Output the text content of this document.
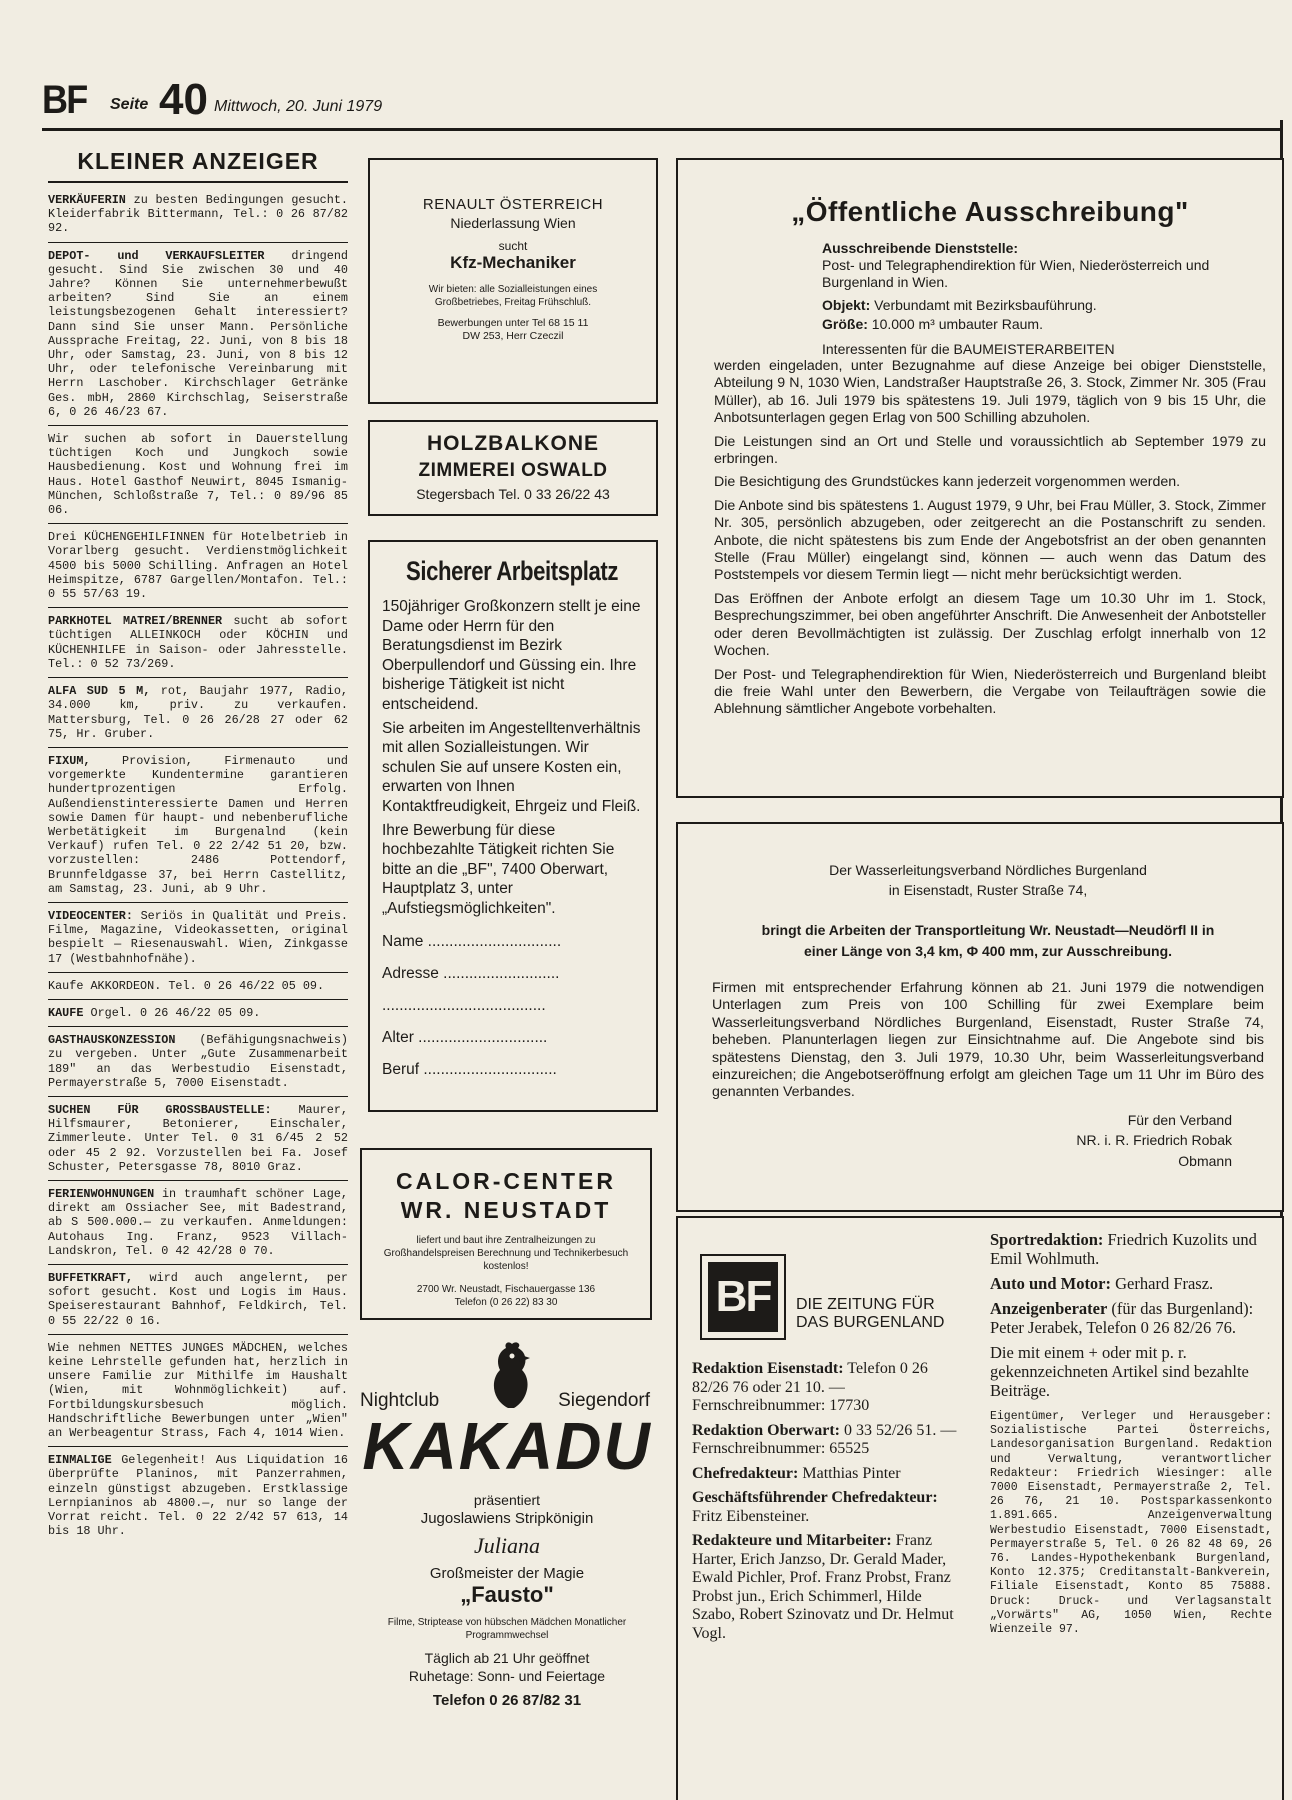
BF Seite 40 Mittwoch, 20. Juni 1979
KLEINER ANZEIGER
VERKÄUFERIN zu besten Bedingungen gesucht. Kleiderfabrik Bittermann, Tel.: 0 26 87/82 92.
DEPOT- und VERKAUFSLEITER dringend gesucht. Sind Sie zwischen 30 und 40 Jahre? Können Sie unternehmerbewußt arbeiten? Sind Sie an einem leistungsbezogenen Gehalt interessiert? Dann sind Sie unser Mann. Persönliche Aussprache Freitag, 22. Juni, von 8 bis 18 Uhr, oder Samstag, 23. Juni, von 8 bis 12 Uhr, oder telefonische Vereinbarung mit Herrn Laschober. Kirchschlager Getränke Ges. mbH, 2860 Kirchschlag, Seiserstraße 6, 0 26 46/23 67.
Wir suchen ab sofort in Dauerstellung tüchtigen Koch und Jungkoch sowie Hausbedienung. Kost und Wohnung frei im Haus. Hotel Gasthof Neuwirt, 8045 Ismanig-München, Schloßstraße 7, Tel.: 0 89/96 85 06.
Drei KÜCHENGEHILFINNEN für Hotelbetrieb in Vorarlberg gesucht. Verdienstmöglichkeit 4500 bis 5000 Schilling. Anfragen an Hotel Heimspitze, 6787 Gargellen/Montafon. Tel.: 0 55 57/63 19.
PARKHOTEL MATREI/BRENNER sucht ab sofort tüchtigen ALLEINKOCH oder KÖCHIN und KÜCHENHILFE in Saison- oder Jahresstelle. Tel.: 0 52 73/269.
ALFA SUD 5 M, rot, Baujahr 1977, Radio, 34.000 km, priv. zu verkaufen. Mattersburg, Tel. 0 26 26/28 27 oder 62 75, Hr. Gruber.
FIXUM, Provision, Firmenauto und vorgemerkte Kundentermine garantieren hundertprozentigen Erfolg. Außendienstinteressierte Damen und Herren sowie Damen für haupt- und nebenberufliche Werbetätigkeit im Burgenalnd (kein Verkauf) rufen Tel. 0 22 2/42 51 20, bzw. vorzustellen: 2486 Pottendorf, Brunnfeldgasse 37, bei Herrn Castellitz, am Samstag, 23. Juni, ab 9 Uhr.
VIDEOCENTER: Seriös in Qualität und Preis. Filme, Magazine, Videokassetten, original bespielt — Riesenauswahl. Wien, Zinkgasse 17 (Westbahnhofnähe).
Kaufe AKKORDEON. Tel. 0 26 46/22 05 09.
KAUFE Orgel. 0 26 46/22 05 09.
GASTHAUSKONZESSION (Befähigungsnachweis) zu vergeben. Unter „Gute Zusammenarbeit 189" an das Werbestudio Eisenstadt, Permayerstraße 5, 7000 Eisenstadt.
SUCHEN FÜR GROSSBAUSTELLE: Maurer, Hilfsmaurer, Betonierer, Einschaler, Zimmerleute. Unter Tel. 0 31 6/45 2 52 oder 45 2 92. Vorzustellen bei Fa. Josef Schuster, Petersgasse 78, 8010 Graz.
FERIENWOHNUNGEN in traumhaft schöner Lage, direkt am Ossiacher See, mit Badestrand, ab S 500.000.— zu verkaufen. Anmeldungen: Autohaus Ing. Franz, 9523 Villach-Landskron, Tel. 0 42 42/28 0 70.
BUFFETKRAFT, wird auch angelernt, per sofort gesucht. Kost und Logis im Haus. Speiserestaurant Bahnhof, Feldkirch, Tel. 0 55 22/22 0 16.
Wie nehmen NETTES JUNGES MÄDCHEN, welches keine Lehrstelle gefunden hat, herzlich in unsere Familie zur Mithilfe im Haushalt (Wien, mit Wohnmöglichkeit) auf. Fortbildungskursbesuch möglich. Handschriftliche Bewerbungen unter „Wien" an Werbeagentur Strass, Fach 4, 1014 Wien.
EINMALIGE Gelegenheit! Aus Liquidation 16 überprüfte Planinos, mit Panzerrahmen, einzeln günstigst abzugeben. Erstklassige Lernpianinos ab 4800.—, nur so lange der Vorrat reicht. Tel. 0 22 2/42 57 613, 14 bis 18 Uhr.
RENAULT ÖSTERREICH
Niederlassung Wien
sucht
Kfz-Mechaniker
Wir bieten: alle Sozialleistungen eines Großbetriebes, Freitag Frühschluß.
Bewerbungen unter Tel 68 15 11
DW 253, Herr Czeczil
HOLZBALKONE
ZIMMEREI OSWALD
Stegersbach Tel. 0 33 26/22 43
Sicherer Arbeitsplatz

150jähriger Großkonzern stellt je eine Dame oder Herrn für den Beratungsdienst im Bezirk Oberpullendorf und Güssing ein. Ihre bisherige Tätigkeit ist nicht entscheidend.

Sie arbeiten im Angestelltenverhältnis mit allen Sozialleistungen. Wir schulen Sie auf unsere Kosten ein, erwarten von Ihnen Kontaktfreudigkeit, Ehrgeiz und Fleiß.

Ihre Bewerbung für diese hochbezahlte Tätigkeit richten Sie bitte an die „BF", 7400 Oberwart, Hauptplatz 3, unter „Aufstiegsmöglichkeiten".

Name ...............................
Adresse ...........................
......................................
Alter ..............................
Beruf ...............................
CALOR-CENTER
WR. NEUSTADT
liefert und baut ihre Zentralheizungen zu Großhandelspreisen Berechnung und Technikerbesuch kostenlos!
2700 Wr. Neustadt, Fischauergasse 136
Telefon (0 26 22) 83 30
Nightclub	Siegendorf
KAKADU
präsentiert
Jugoslawiens Stripkönigin
Juliana
Großmeister der Magie
„Fausto"
Filme, Striptease von hübschen Mädchen Monatlicher Programmwechsel
Täglich ab 21 Uhr geöffnet
Ruhetage: Sonn- und Feiertage
Telefon 0 26 87/82 31
„Öffentliche Ausschreibung"
Ausschreibende Dienststelle:
Post- und Telegraphendirektion für Wien, Niederösterreich und Burgenland in Wien.
Objekt: Verbundamt mit Bezirksbauführung.
Größe: 10.000 m³ umbauter Raum.
Interessenten für die BAUMEISTERARBEITEN

werden eingeladen, unter Bezugnahme auf diese Anzeige bei obiger Dienststelle, Abteilung 9 N, 1030 Wien, Landstraßer Hauptstraße 26, 3. Stock, Zimmer Nr. 305 (Frau Müller), ab 16. Juli 1979 bis spätestens 19. Juli 1979, täglich von 9 bis 15 Uhr, die Anbotsunterlagen gegen Erlag von 500 Schilling abzuholen.

Die Leistungen sind an Ort und Stelle und voraussichtlich ab September 1979 zu erbringen.

Die Besichtigung des Grundstückes kann jederzeit vorgenommen werden.

Die Anbote sind bis spätestens 1. August 1979, 9 Uhr, bei Frau Müller, 3. Stock, Zimmer Nr. 305, persönlich abzugeben, oder zeitgerecht an die Postanschrift zu senden. Anbote, die nicht spätestens bis zum Ende der Angebotsfrist an der oben genannten Stelle (Frau Müller) eingelangt sind, können — auch wenn das Datum des Poststempels vor diesem Termin liegt — nicht mehr berücksichtigt werden.

Das Eröffnen der Anbote erfolgt an diesem Tage um 10.30 Uhr im 1. Stock, Besprechungszimmer, bei oben angeführter Anschrift. Die Anwesenheit der Anbotsteller oder deren Bevollmächtigten ist zulässig. Der Zuschlag erfolgt innerhalb von 12 Wochen.

Der Post- und Telegraphendirektion für Wien, Niederösterreich und Burgenland bleibt die freie Wahl unter den Bewerbern, die Vergabe von Teilaufträgen sowie die Ablehnung sämtlicher Angebote vorbehalten.

Der Wasserleitungsverband Nördliches Burgenland
in Eisenstadt, Ruster Straße 74,
bringt die Arbeiten der Transportleitung Wr. Neustadt—Neudörfl II in
einer Länge von 3,4 km, Φ 400 mm, zur Ausschreibung.
Firmen mit entsprechender Erfahrung können ab 21. Juni 1979 die notwendigen Unterlagen zum Preis von 100 Schilling für zwei Exemplare beim Wasserleitungsverband Nördliches Burgenland, Eisenstadt, Ruster Straße 74, beheben. Planunterlagen liegen zur Einsichtnahme auf. Die Angebote sind bis spätestens Dienstag, den 3. Juli 1979, 10.30 Uhr, beim Wasserleitungsverband einzureichen; die Angebotseröffnung erfolgt am gleichen Tage um 11 Uhr im Büro des genannten Verbandes.
Für den Verband
NR. i. R. Friedrich Robak
Obmann
BF	DIE ZEITUNG FÜR
DAS BURGENLAND
Redaktion Eisenstadt: Telefon 0 26 82/26 76 oder 21 10. — Fernschreibnummer: 17730
Redaktion Oberwart: 0 33 52/26 51. — Fernschreibnummer: 65525
Chefredakteur: Matthias Pinter
Geschäftsführender Chefredakteur: Fritz Eibensteiner.
Redakteure und Mitarbeiter: Franz Harter, Erich Janzso, Dr. Gerald Mader, Ewald Pichler, Prof. Franz Probst, Franz Probst jun., Erich Schimmerl, Hilde Szabo, Robert Szinovatz und Dr. Helmut Vogl.
Sportredaktion: Friedrich Kuzolits und Emil Wohlmuth.
Auto und Motor: Gerhard Frasz.
Anzeigenberater (für das Burgenland): Peter Jerabek, Telefon 0 26 82/26 76.
Die mit einem + oder mit p. r. gekennzeichneten Artikel sind bezahlte Beiträge.
Eigentümer, Verleger und Herausgeber: Sozialistische Partei Österreichs, Landesorganisation Burgenland. Redaktion und Verwaltung, verantwortlicher Redakteur: Friedrich Wiesinger: alle 7000 Eisenstadt, Permayerstraße 2, Tel. 26 76, 21 10. Postsparkassenkonto 1.891.665. Anzeigenverwaltung Werbestudio Eisenstadt, 7000 Eisenstadt, Permayerstraße 5, Tel. 0 26 82 48 69, 26 76. Landes-Hypothekenbank Burgenland, Konto 12.375; Creditanstalt-Bankverein, Filiale Eisenstadt, Konto 85 75888. Druck: Druck- und Verlagsanstalt „Vorwärts" AG, 1050 Wien, Rechte Wienzeile 97.
